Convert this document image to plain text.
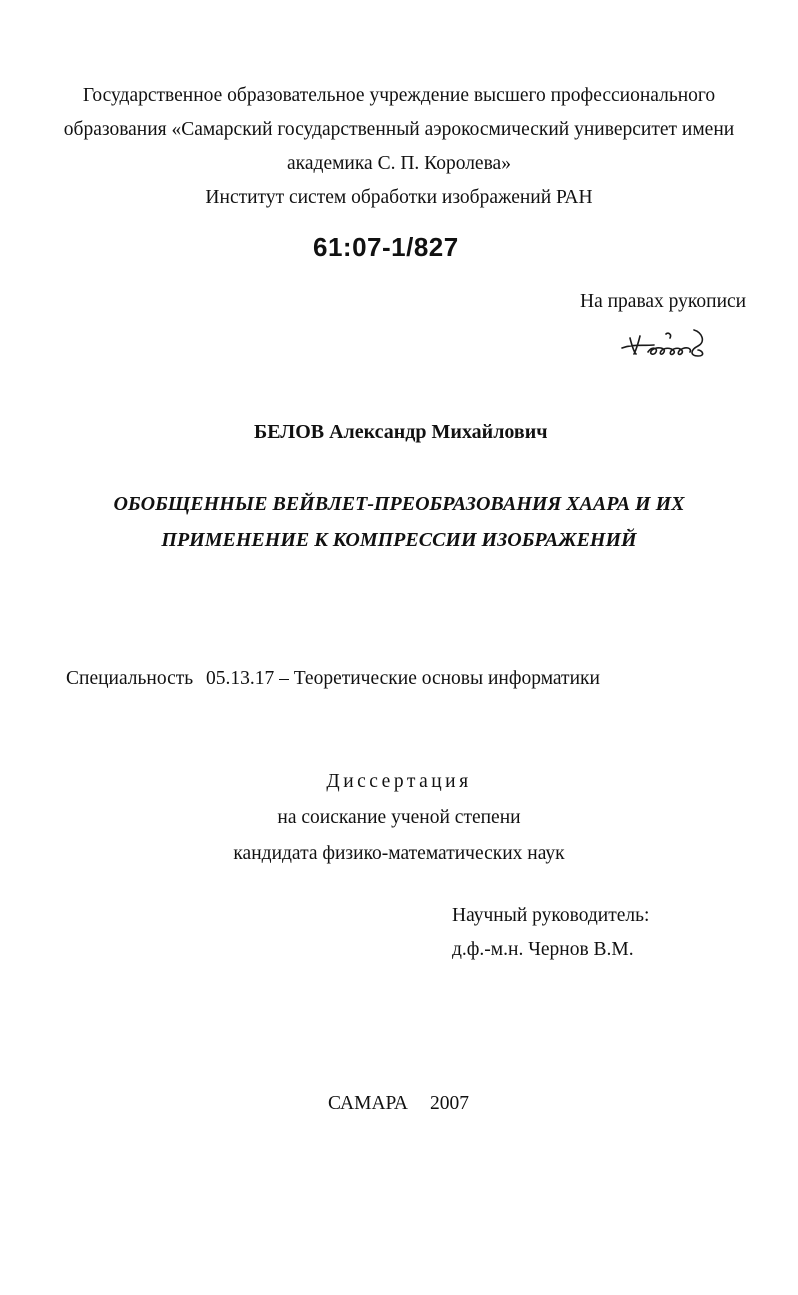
Государственное образовательное учреждение высшего профессионального
образования «Самарский государственный аэрокосмический университет имени
академика С. П. Королева»
Институт систем обработки изображений РАН
61:07-1/827
На правах рукописи
БЕЛОВ Александр Михайлович
ОБОБЩЕННЫЕ ВЕЙВЛЕТ-ПРЕОБРАЗОВАНИЯ ХААРА И ИХ
ПРИМЕНЕНИЕ К КОМПРЕССИИ ИЗОБРАЖЕНИЙ
Специальность 05.13.17 – Теоретические основы информатики
Диссертация
на соискание ученой степени
кандидата физико-математических наук
Научный руководитель:
д.ф.-м.н. Чернов В.М.
САМАРА 2007
